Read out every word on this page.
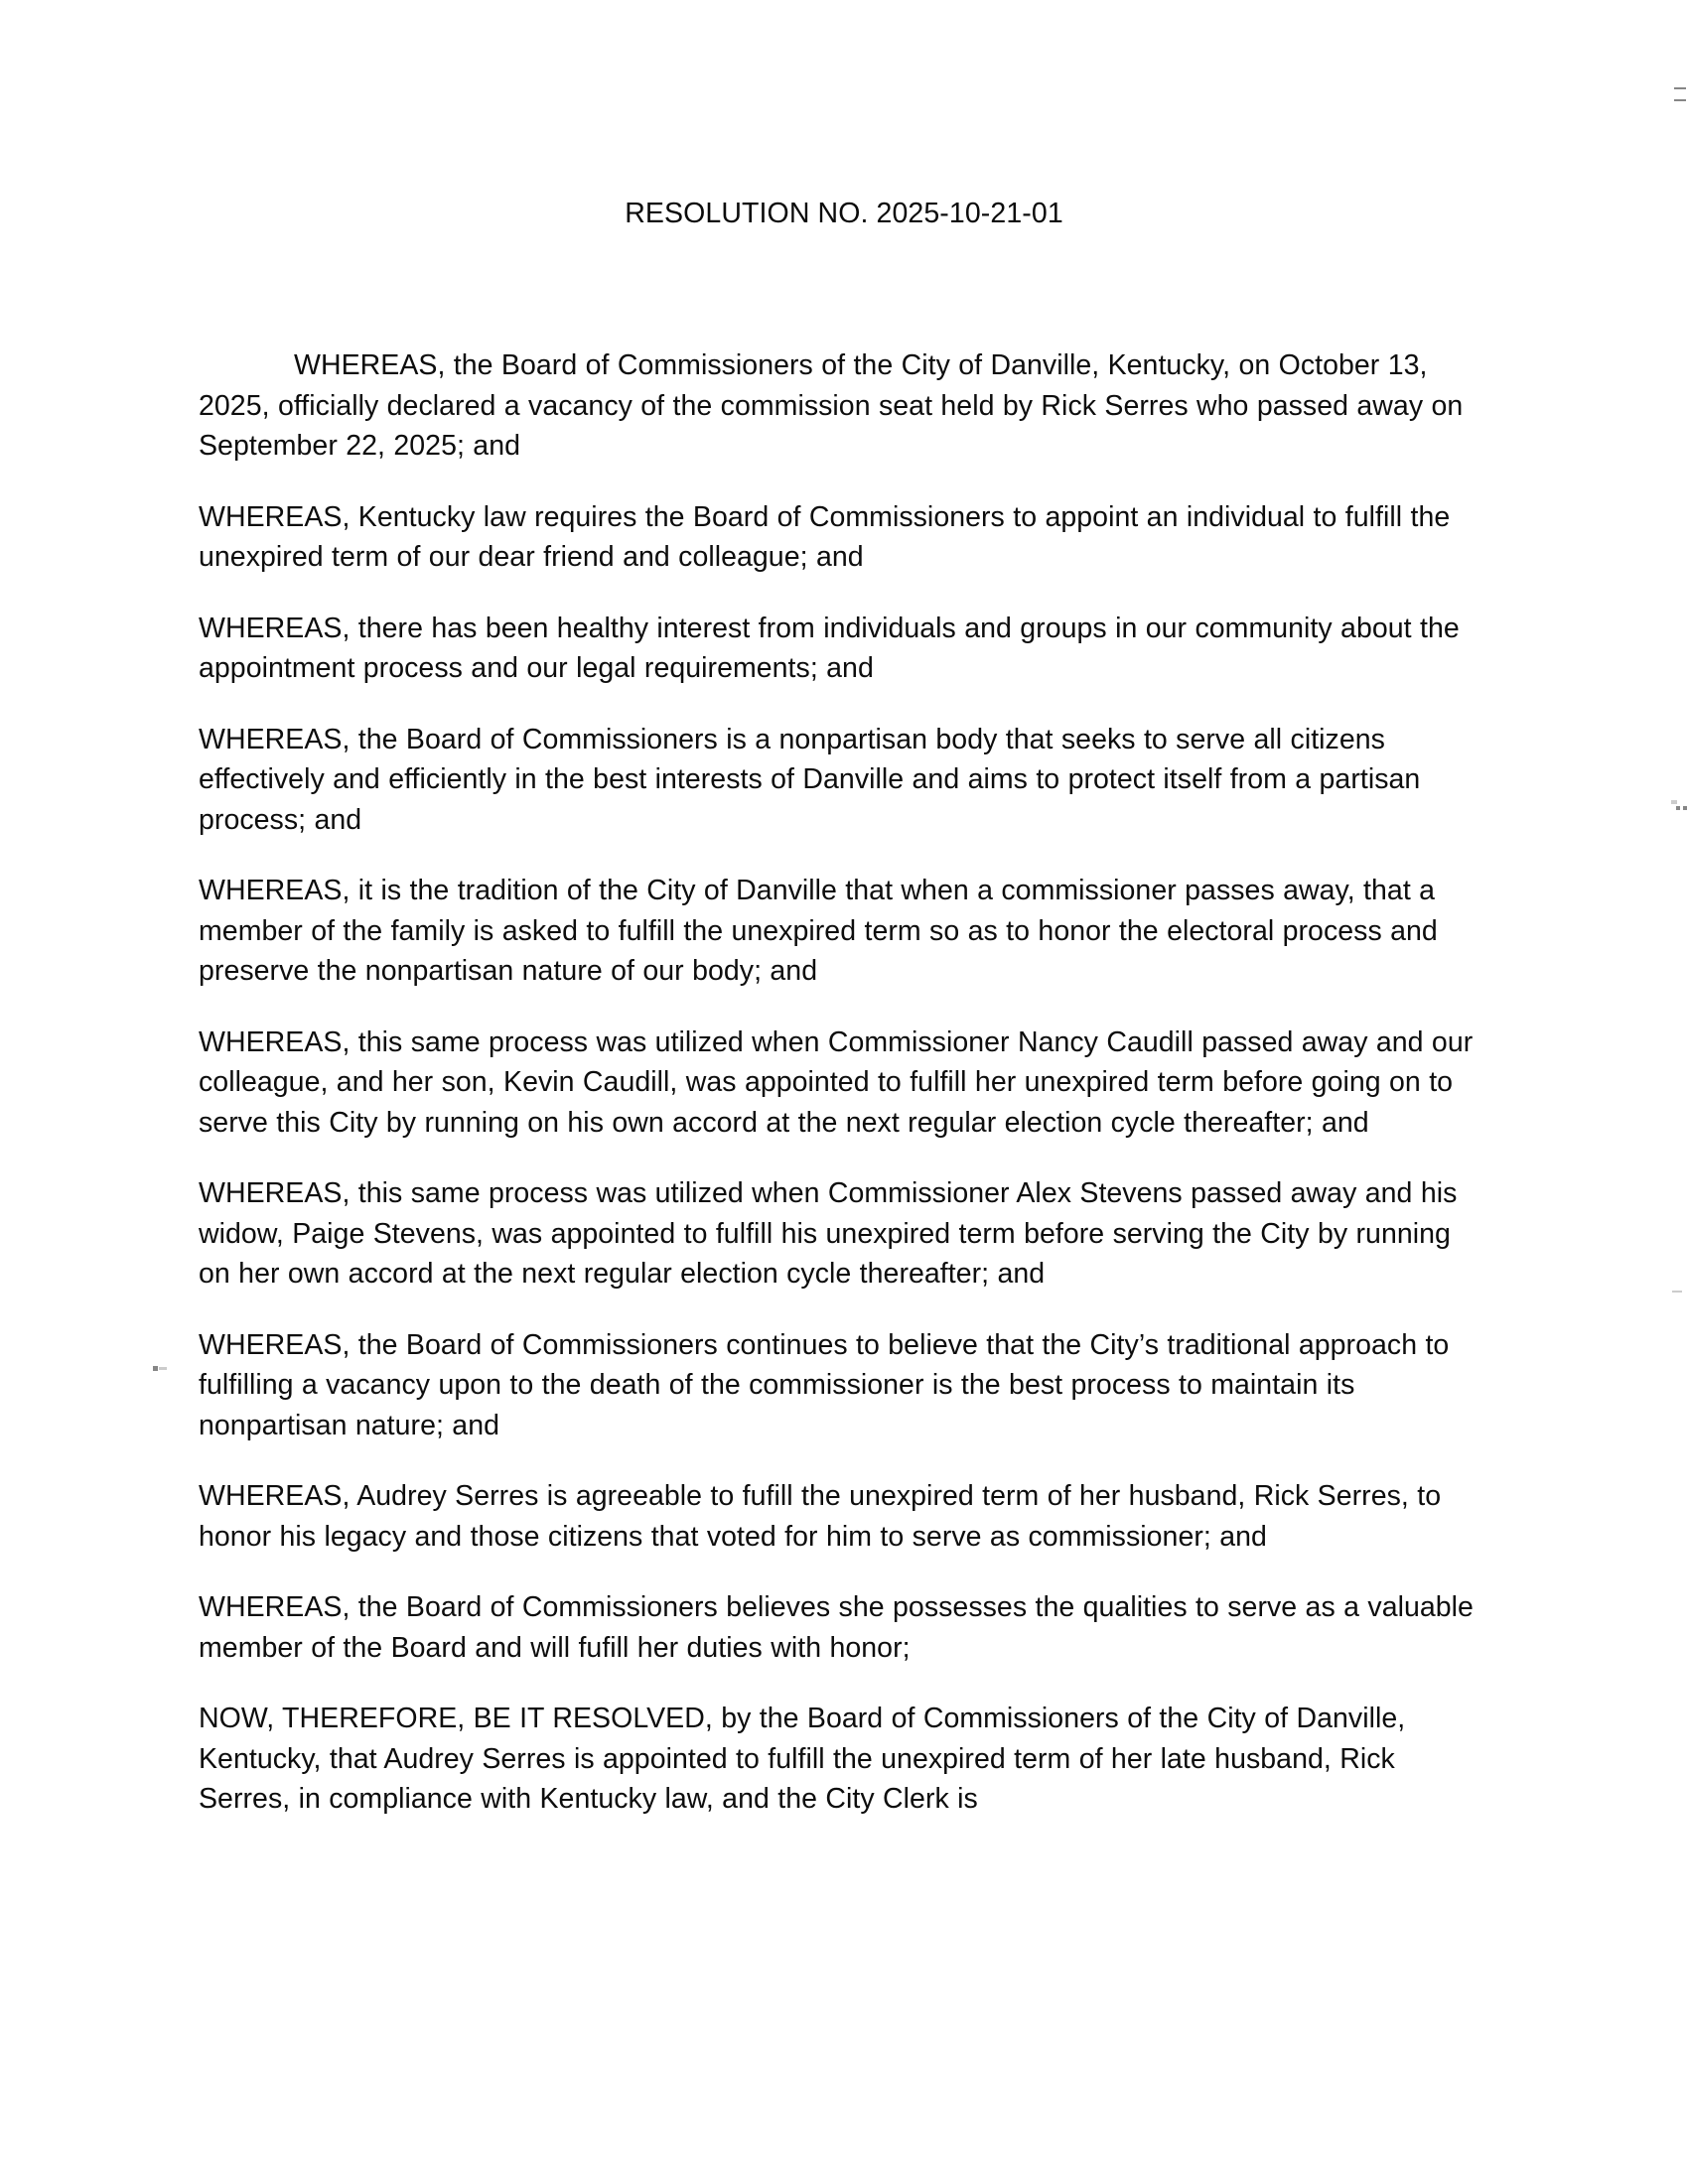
RESOLUTION NO. 2025-10-21-01

WHEREAS, the Board of Commissioners of the City of Danville, Kentucky, on October 13, 2025, officially declared a vacancy of the commission seat held by Rick Serres who passed away on September 22, 2025; and

WHEREAS, Kentucky law requires the Board of Commissioners to appoint an individual to fulfill the unexpired term of our dear friend and colleague; and

WHEREAS, there has been healthy interest from individuals and groups in our community about the appointment process and our legal requirements; and

WHEREAS, the Board of Commissioners is a nonpartisan body that seeks to serve all citizens effectively and efficiently in the best interests of Danville and aims to protect itself from a partisan process; and

WHEREAS, it is the tradition of the City of Danville that when a commissioner passes away, that a member of the family is asked to fulfill the unexpired term so as to honor the electoral process and preserve the nonpartisan nature of our body; and

WHEREAS, this same process was utilized when Commissioner Nancy Caudill passed away and our colleague, and her son, Kevin Caudill, was appointed to fulfill her unexpired term before going on to serve this City by running on his own accord at the next regular election cycle thereafter; and

WHEREAS, this same process was utilized when Commissioner Alex Stevens passed away and his widow, Paige Stevens, was appointed to fulfill his unexpired term before serving the City by running on her own accord at the next regular election cycle thereafter; and

WHEREAS, the Board of Commissioners continues to believe that the City’s traditional approach to fulfilling a vacancy upon to the death of the commissioner is the best process to maintain its nonpartisan nature; and

WHEREAS, Audrey Serres is agreeable to fufill the unexpired term of her husband, Rick Serres, to honor his legacy and those citizens that voted for him to serve as commissioner; and

WHEREAS, the Board of Commissioners believes she possesses the qualities to serve as a valuable member of the Board and will fufill her duties with honor;

NOW, THEREFORE, BE IT RESOLVED, by the Board of Commissioners of the City of Danville, Kentucky, that Audrey Serres is appointed to fulfill the unexpired term of her late husband, Rick Serres, in compliance with Kentucky law, and the City Clerk is
